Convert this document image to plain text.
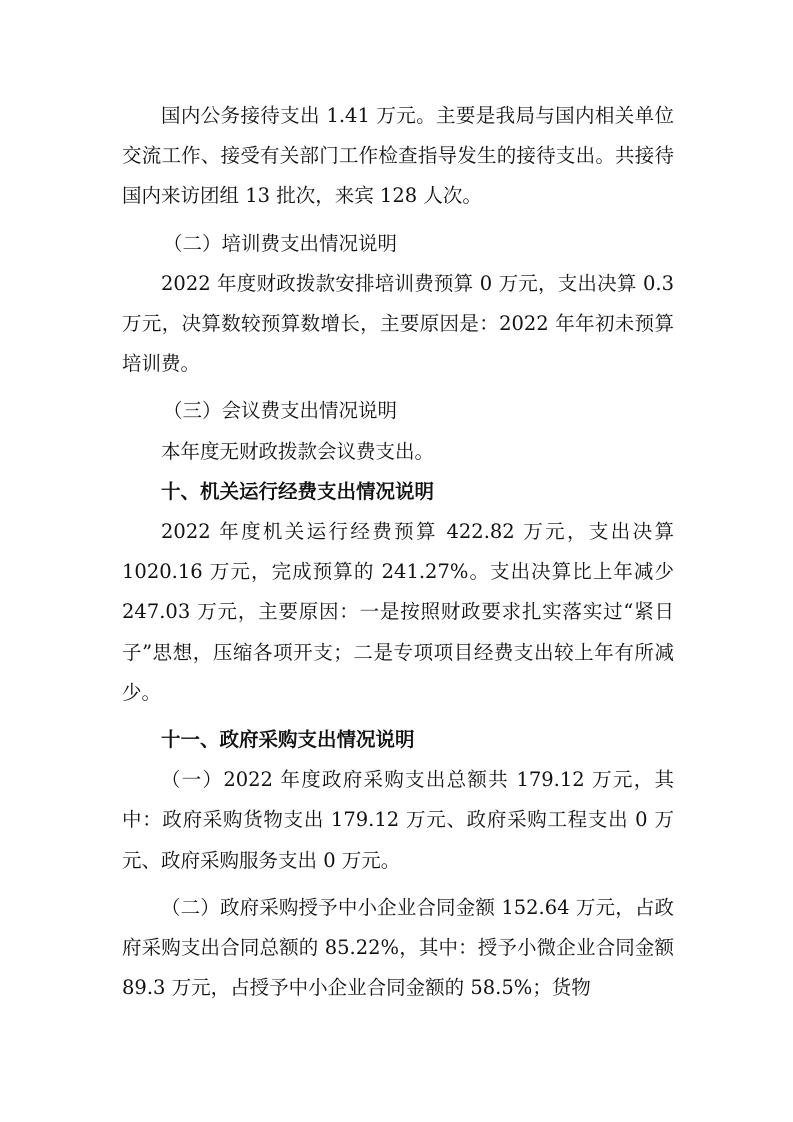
国内公务接待支出 1.41 万元。主要是我局与国内相关单位交流工作、接受有关部门工作检查指导发生的接待支出。共接待国内来访团组 13 批次，来宾 128 人次。

（二）培训费支出情况说明

2022 年度财政拨款安排培训费预算 0 万元，支出决算 0.3 万元，决算数较预算数增长，主要原因是：2022 年年初未预算培训费。

（三）会议费支出情况说明

本年度无财政拨款会议费支出。

十、机关运行经费支出情况说明

2022 年度机关运行经费预算 422.82 万元，支出决算 1020.16 万元，完成预算的 241.27%。支出决算比上年减少 247.03 万元，主要原因：一是按照财政要求扎实落实过“紧日子”思想，压缩各项开支；二是专项项目经费支出较上年有所减少。

十一、政府采购支出情况说明

（一）2022 年度政府采购支出总额共 179.12 万元，其中：政府采购货物支出 179.12 万元、政府采购工程支出 0 万元、政府采购服务支出 0 万元。

（二）政府采购授予中小企业合同金额 152.64 万元，占政府采购支出合同总额的 85.22%，其中：授予小微企业合同金额 89.3 万元，占授予中小企业合同金额的 58.5%；货物
